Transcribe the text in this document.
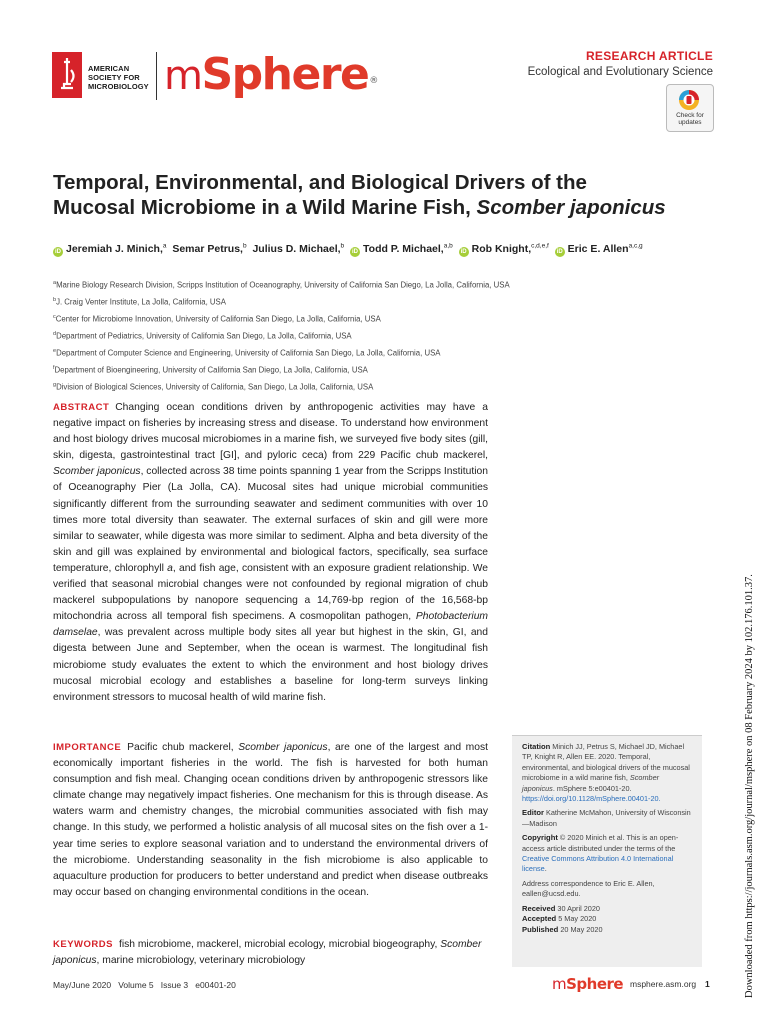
AMERICAN
SOCIETY FOR
MICROBIOLOGY mSphere®
RESEARCH ARTICLE
Ecological and Evolutionary Science
Check for updates
Temporal, Environmental, and Biological Drivers of the
Mucosal Microbiome in a Wild Marine Fish, Scomber japonicus
iD Jeremiah J. Minich,$^a$ Semar Petrus,$^b$ Julius D. Michael,$^b$  iD Todd P. Michael,$^{a,b}$  iD Rob Knight,$^{c,d,e,f}$  iD Eric E. Allen$^{a,c,g}$
$^a$Marine Biology Research Division, Scripps Institution of Oceanography, University of California San Diego, La Jolla, California, USA
$^b$J. Craig Venter Institute, La Jolla, California, USA
$^c$Center for Microbiome Innovation, University of California San Diego, La Jolla, California, USA
$^d$Department of Pediatrics, University of California San Diego, La Jolla, California, USA
$^e$Department of Computer Science and Engineering, University of California San Diego, La Jolla, California, USA
$^f$Department of Bioengineering, University of California San Diego, La Jolla, California, USA
$^g$Division of Biological Sciences, University of California, San Diego, La Jolla, California, USA
ABSTRACT Changing ocean conditions driven by anthropogenic activities may have a negative impact on fisheries by increasing stress and disease. To understand how environment and host biology drives mucosal microbiomes in a marine fish, we surveyed five body sites (gill, skin, digesta, gastrointestinal tract [GI], and pyloric ceca) from 229 Pacific chub mackerel, Scomber japonicus, collected across 38 time points spanning 1 year from the Scripps Institution of Oceanography Pier (La Jolla, CA). Mucosal sites had unique microbial communities significantly different from the surrounding seawater and sediment communities with over 10 times more total diversity than seawater. The external surfaces of skin and gill were more similar to seawater, while digesta was more similar to sediment. Alpha and beta diversity of the skin and gill was explained by environmental and biological factors, specifically, sea surface temperature, chlorophyll a, and fish age, consistent with an exposure gradient relationship. We verified that seasonal microbial changes were not confounded by regional migration of chub mackerel subpopulations by nanopore sequencing a 14,769-bp region of the 16,568-bp mitochondria across all temporal fish specimens. A cosmopolitan pathogen, Photobacterium damselae, was prevalent across multiple body sites all year but highest in the skin, GI, and digesta between June and September, when the ocean is warmest. The longitudinal fish microbiome study evaluates the extent to which the environment and host biology drives mucosal microbial ecology and establishes a baseline for long-term surveys linking environment stressors to mucosal health of wild marine fish.
IMPORTANCE Pacific chub mackerel, Scomber japonicus, are one of the largest and most economically important fisheries in the world. The fish is harvested for both human consumption and fish meal. Changing ocean conditions driven by anthropogenic stressors like climate change may negatively impact fisheries. One mechanism for this is through disease. As waters warm and chemistry changes, the microbial communities associated with fish may change. In this study, we performed a holistic analysis of all mucosal sites on the fish over a 1-year time series to explore seasonal variation and to understand the environmental drivers of the microbiome. Understanding seasonality in the fish microbiome is also applicable to aquaculture production for producers to better understand and predict when disease outbreaks may occur based on changing environmental conditions in the ocean.
KEYWORDS fish microbiome, mackerel, microbial ecology, microbial biogeography, Scomber japonicus, marine microbiology, veterinary microbiology

Citation Minich JJ, Petrus S, Michael JD, Michael TP, Knight R, Allen EE. 2020. Temporal, environmental, and biological drivers of the mucosal microbiome in a wild marine fish, Scomber japonicus. mSphere 5:e00401-20. https://doi.org/10.1128/mSphere.00401-20.

Editor Katherine McMahon, University of Wisconsin—Madison

Copyright © 2020 Minich et al. This is an open-access article distributed under the terms of the Creative Commons Attribution 4.0 International license.

Address correspondence to Eric E. Allen, eallen@ucsd.edu.

Received 30 April 2020
Accepted 5 May 2020
Published 20 May 2020	Downloaded from https://journals.asm.org/journal/msphere on 08 February 2024 by 102.176.101.37.
May/June 2020   Volume 5   Issue 3   e00401-20	mSphere msphere.asm.org 1
